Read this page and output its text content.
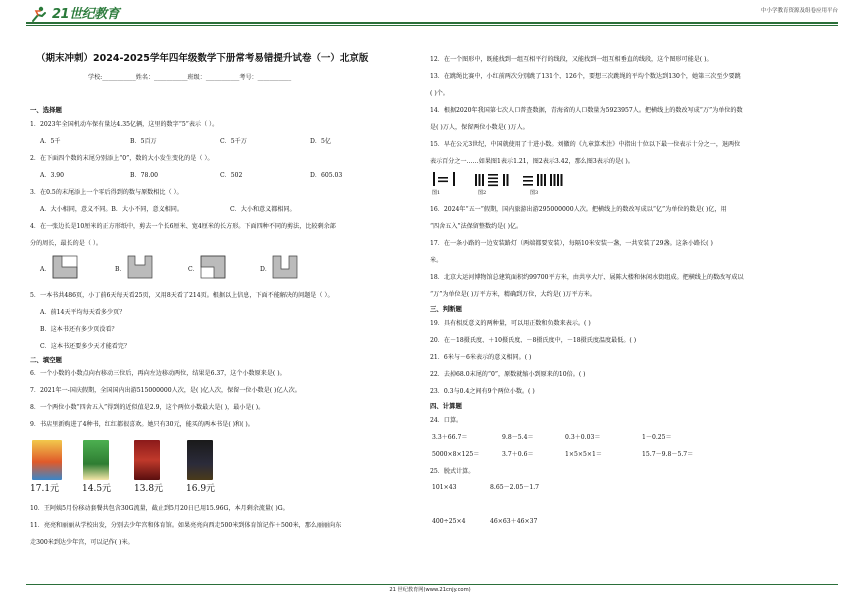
21世纪教育	中小学教育资源及组卷应用平台
（期末冲刺）2024-2025学年四年级数学下册常考易错提升试卷（一）北京版
学校:___________姓名：___________班级：___________考号：___________
一、选择题
1．2023年全国机动车保有量达4.35亿辆，这里的数字“5”表示（ ）。
A．5千	B．5百万	C．5千万	D．5亿
2．在下面四个数的末尾分别添上“0”，数的大小发生变化的是（ ）。
A．3.90	B．78.00	C．502	D．605.03
3．在0.5的末尾添上一个零后得到的数与原数相比（ ）。
A．大小相同，意义不同。B．大小不同，意义相同。	C．大小和意义都相同。
4．在一张边长是10厘米的正方形纸中，剪去一个长6厘米、宽4厘米的长方形。下面四种不同的剪法，比较剩余部
分的周长，最长的是（ ）。
A．	B．	C．	D．
5．一本书共486页，小丁前6天每天看25页，又用8天看了214页。根据以上信息，下面不能解决的问题是（ ）。
A．前14天平均每天看多少页？
B．这本书还有多少页没看？
C．这本书还要多少天才能看完？
二、填空题
6．一个小数的小数点向右移动三位后，再向左边移动两位，结果是6.37，这个小数原来是( )。
7．2021年一-国庆假期，全国国内出游515000000人次，是( )亿人次，保留一位小数是( )亿人次。
8．一个两位小数“四舍五入”得到的近似值是2.9，这个两位小数最大是( )，最小是( )。
9．书店里新购进了4种书，红红都很喜欢。她只有30元，能买的两本书是( )和( )。
17.1元	14.5元	13.8元	16.9元
10．王阿姨5月份移动套餐共包含30G流量，截止到5月20日已用15.96G，本月剩余流量( )G。
11．亮亮和丽丽从学校出发，分别去少年宫和体育馆。如果亮亮向西走500米到体育馆记作＋500米，那么丽丽向东
走300米到达少年宫，可以记作( )米。
12．在一个图形中，既能找到一组互相平行的线段，又能找到一组互相垂直的线段，这个图形可能是( )。
13．在跳绳比赛中，小红前两次分别跳了131个、126个，要想三次跳绳的平均个数达到130个，她第三次至少要跳
( )个。
14．根据2020年我国第七次人口普查数据，青海省的人口数量为5923957人。把横线上的数改写成“万”为单位的数
是( )万人，保留两位小数是( )万人。
15．早在公元3世纪，中国就使用了十进小数。刘徽的《九章算术注》中指出十位以下最一位表示十分之一，退两位
表示百分之一……如果图1表示1.21，图2表示3.42，那么图3表示的是( )。
图1	图2	图3
16．2024年“五一”假期，国内旅游出游295000000人次。把横线上的数改写成以“亿”为单位的数是( )亿，用
“四舍五入”法保留整数约是( )亿。
17．在一条小路的一边安装路灯（两端都要安装），每隔10米安装一盏，一共安装了29盏。这条小路长( )
米。
18．北京大运河博物馆总建筑面积约99700平方米，由共享大厅、展陈大楼和休闲水街组成。把横线上的数改写成以
“万”为单位是( )万平方米，精确到万位，大约是( )万平方米。
三、判断题
19．具有相反意义的两种量，可以用正数和负数来表示。( )
20．在－18摄氏度、＋10摄氏度、－8摄氏度中，－18摄氏度温度最低。( )
21．6米与－6米表示的意义相同。( )
22．去掉68.0末尾的“0”，原数就缩小到原来的10倍。( )
23．0.3与0.4之间有9个两位小数。( )
四、计算题
24．口算。
3.3＋66.7＝	9.8－5.4＝	0.3＋0.03＝	1－0.25＝
5000×8×125＝	3.7＋0.6＝	1×5×5×1＝	15.7－9.8－5.7＝
25．脱式计算。
101×43	8.65－2.05－1.7
400÷25×4	46×63＋46×37
21 世纪教育网(www.21cnjy.com)
